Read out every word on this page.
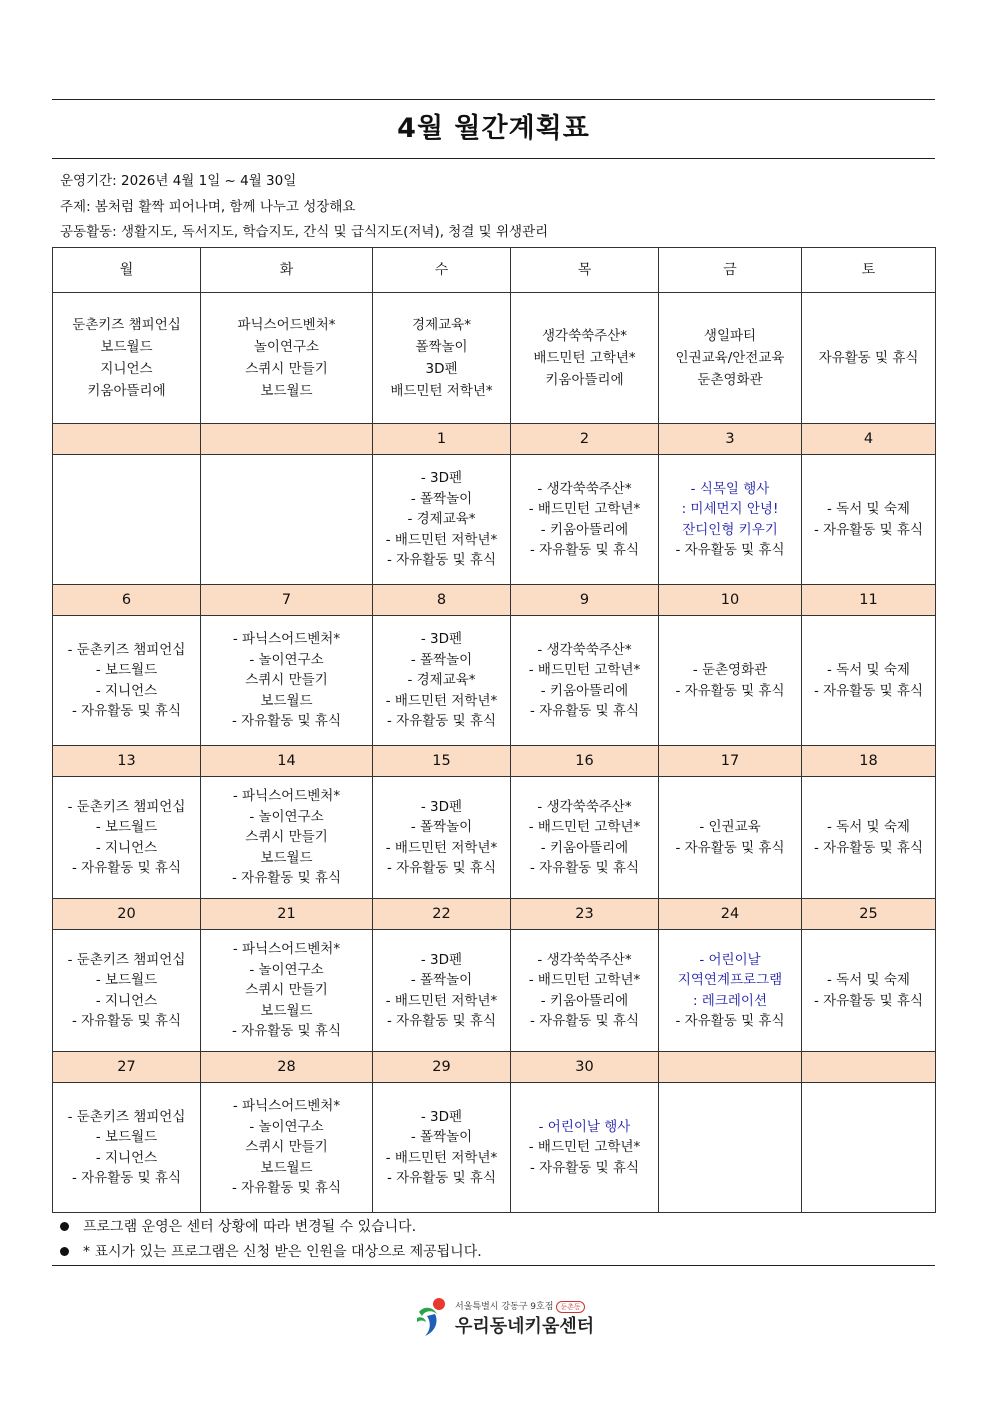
4월 월간계획표
운영기간: 2026년 4월 1일 ~ 4월 30일
주제: 봄처럼 활짝 피어나며, 함께 나누고 성장해요
공동활동: 생활지도, 독서지도, 학습지도, 간식 및 급식지도(저녁), 청결 및 위생관리
월	화	수	목	금	토

둔촌키즈 챔피언십
보드월드
지니언스
키움아뜰리에	파닉스어드벤처*
놀이연구소
스퀴시 만들기
보드월드	경제교육*
폴짝놀이
3D펜
배드민턴 저학년*	생각쑥쑥주산*
배드민턴 고학년*
키움아뜰리에	생일파티
인권교육/안전교육
둔촌영화관	자유활동 및 휴식

		1	2	3	4

		- 3D펜
- 폴짝놀이
- 경제교육*
- 배드민턴 저학년*
- 자유활동 및 휴식	- 생각쑥쑥주산*
- 배드민턴 고학년*
- 키움아뜰리에
- 자유활동 및 휴식	- 식목일 행사
: 미세먼지 안녕!
잔디인형 키우기
- 자유활동 및 휴식	- 독서 및 숙제
- 자유활동 및 휴식

6	7	8	9	10	11

- 둔촌키즈 챔피언십
- 보드월드
- 지니언스
- 자유활동 및 휴식	- 파닉스어드벤처*
- 놀이연구소
스퀴시 만들기
보드월드
- 자유활동 및 휴식	- 3D펜
- 폴짝놀이
- 경제교육*
- 배드민턴 저학년*
- 자유활동 및 휴식	- 생각쑥쑥주산*
- 배드민턴 고학년*
- 키움아뜰리에
- 자유활동 및 휴식	- 둔촌영화관
- 자유활동 및 휴식	- 독서 및 숙제
- 자유활동 및 휴식

13	14	15	16	17	18

- 둔촌키즈 챔피언십
- 보드월드
- 지니언스
- 자유활동 및 휴식	- 파닉스어드벤처*
- 놀이연구소
스퀴시 만들기
보드월드
- 자유활동 및 휴식	- 3D펜
- 폴짝놀이
- 배드민턴 저학년*
- 자유활동 및 휴식	- 생각쑥쑥주산*
- 배드민턴 고학년*
- 키움아뜰리에
- 자유활동 및 휴식	- 인권교육
- 자유활동 및 휴식	- 독서 및 숙제
- 자유활동 및 휴식

20	21	22	23	24	25

- 둔촌키즈 챔피언십
- 보드월드
- 지니언스
- 자유활동 및 휴식	- 파닉스어드벤처*
- 놀이연구소
스퀴시 만들기
보드월드
- 자유활동 및 휴식	- 3D펜
- 폴짝놀이
- 배드민턴 저학년*
- 자유활동 및 휴식	- 생각쑥쑥주산*
- 배드민턴 고학년*
- 키움아뜰리에
- 자유활동 및 휴식	- 어린이날
지역연계프로그램
: 레크레이션
- 자유활동 및 휴식	- 독서 및 숙제
- 자유활동 및 휴식

27	28	29	30		

- 둔촌키즈 챔피언십
- 보드월드
- 지니언스
- 자유활동 및 휴식	- 파닉스어드벤처*
- 놀이연구소
스퀴시 만들기
보드월드
- 자유활동 및 휴식	- 3D펜
- 폴짝놀이
- 배드민턴 저학년*
- 자유활동 및 휴식	- 어린이날 행사
- 배드민턴 고학년*
- 자유활동 및 휴식		

프로그램 운영은 센터 상황에 따라 변경될 수 있습니다.
* 표시가 있는 프로그램은 신청 받은 인원을 대상으로 제공됩니다.
서울특별시 강동구 9호점 둔촌동
우리동네키움센터
